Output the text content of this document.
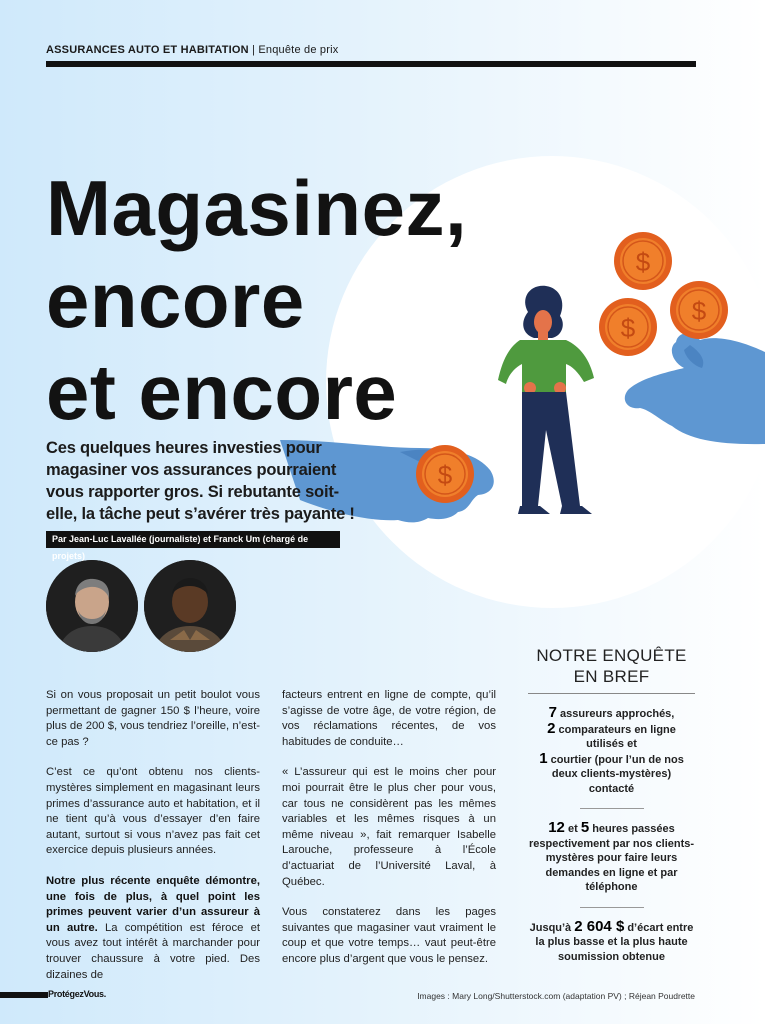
ASSURANCES AUTO ET HABITATION | Enquête de prix
$
$
$
$
Magasinez,
encore
et encore

Ces quelques heures investies pour magasiner vos assurances pourraient vous rapporter gros. Si rebutante soit-elle, la tâche peut s’avérer très payante !

Par Jean-Luc Lavallée (journaliste) et Franck Um (chargé de projets)

Si on vous proposait un petit boulot vous permettant de gagner 150 $ l’heure, voire plus de 200 $, vous tendriez l’oreille, n’est-ce pas ?

C’est ce qu’ont obtenu nos clients-mystères simplement en magasinant leurs primes d’assurance auto et habitation, et il ne tient qu’à vous d’essayer d’en faire autant, surtout si vous n’avez pas fait cet exercice depuis plusieurs années.

Notre plus récente enquête démontre, une fois de plus, à quel point les primes peuvent varier d’un assureur à un autre. La compétition est féroce et vous avez tout intérêt à marchander pour trouver chaussure à votre pied. Des dizaines de

facteurs entrent en ligne de compte, qu’il s’agisse de votre âge, de votre région, de vos réclamations récentes, de vos habitudes de conduite…

« L’assureur qui est le moins cher pour moi pourrait être le plus cher pour vous, car tous ne considèrent pas les mêmes variables et les mêmes risques à un même niveau », fait remarquer Isabelle Larouche, professeure à l’École d’actuariat de l’Université Laval, à Québec.

Vous constaterez dans les pages suivantes que magasiner vaut vraiment le coup et que votre temps… vaut peut-être encore plus d’argent que vous le pensez.

NOTRE ENQUÊTE
EN BREF
7 assureurs approchés,
2 comparateurs en ligne utilisés et
1 courtier (pour l’un de nos deux clients-mystères) contacté
12 et 5 heures passées respectivement par nos clients-mystères pour faire leurs demandes en ligne et par téléphone
Jusqu’à 2 604 $ d’écart entre la plus basse et la plus haute soumission obtenue
ProtégezVous.	Images : Mary Long/Shutterstock.com (adaptation PV) ; Réjean Poudrette
